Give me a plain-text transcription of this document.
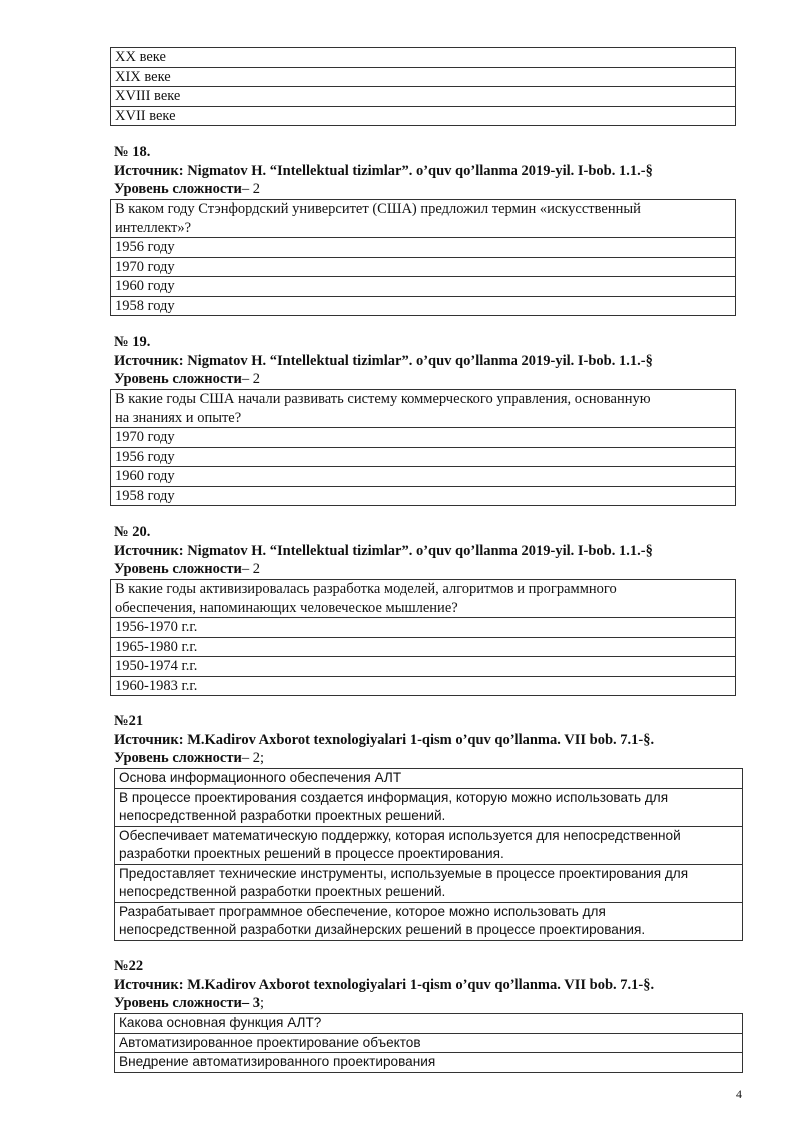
XX веке
XIX веке
XVIII веке
XVII веке
№ 18.
Источник: Nigmatov H. “Intellektual tizimlar”. o’quv qo’llanma 2019-yil. I-bob. 1.1.-§
Уровень сложности– 2
В каком году Стэнфордский университет (США) предложил термин «искусственный
интеллект»?
1956 году
1970 году
1960 году
1958 году
№ 19.
Источник: Nigmatov H. “Intellektual tizimlar”. o’quv qo’llanma 2019-yil. I-bob. 1.1.-§
Уровень сложности– 2
В какие годы США начали развивать систему коммерческого управления, основанную
на знаниях и опыте?
1970 году
1956 году
1960 году
1958 году
№ 20.
Источник: Nigmatov H. “Intellektual tizimlar”. o’quv qo’llanma 2019-yil. I-bob. 1.1.-§
Уровень сложности– 2
В какие годы активизировалась разработка моделей, алгоритмов и программного
обеспечения, напоминающих человеческое мышление?
1956-1970 г.г.
1965-1980 г.г.
1950-1974 г.г.
1960-1983 г.г.
№21
Источник: M.Kadirov Axborot texnologiyalari 1-qism o’quv qo’llanma. VII bob. 7.1-§.
Уровень сложности– 2;
Основа информационного обеспечения АЛТ
В процессе проектирования создается информация, которую можно использовать для
непосредственной разработки проектных решений.
Обеспечивает математическую поддержку, которая используется для непосредственной
разработки проектных решений в процессе проектирования.
Предоставляет технические инструменты, используемые в процессе проектирования для
непосредственной разработки проектных решений.
Разрабатывает программное обеспечение, которое можно использовать для
непосредственной разработки дизайнерских решений в процессе проектирования.
№22
Источник: M.Kadirov Axborot texnologiyalari 1-qism o’quv qo’llanma. VII bob. 7.1-§.
Уровень сложности– 3;
Какова основная функция АЛТ?
Автоматизированное проектирование объектов
Внедрение автоматизированного проектирования
4
